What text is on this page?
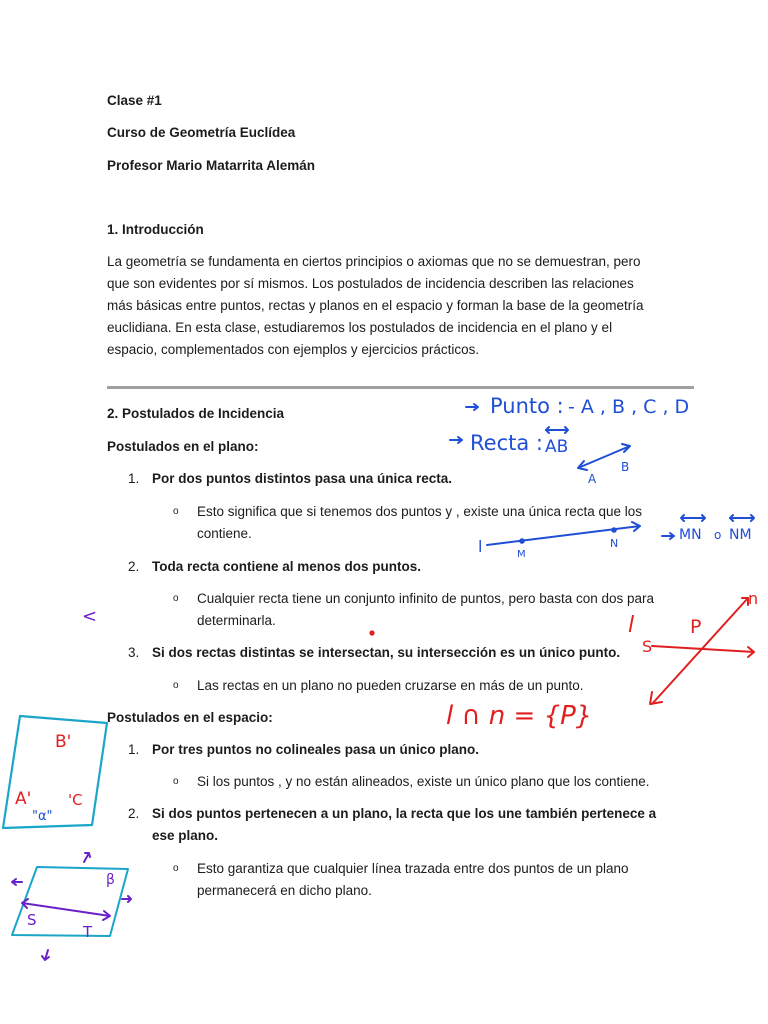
Clase #1

Curso de Geometría Euclídea

Profesor Mario Matarrita Alemán

1. Introducción

La geometría se fundamenta en ciertos principios o axiomas que no se demuestran, pero

que son evidentes por sí mismos. Los postulados de incidencia describen las relaciones

más básicas entre puntos, rectas y planos en el espacio y forman la base de la geometría

euclidiana. En esta clase, estudiaremos los postulados de incidencia en el plano y el

espacio, complementados con ejemplos y ejercicios prácticos.

2. Postulados de Incidencia

Postulados en el plano:

1. Por dos puntos distintos pasa una única recta.
o Esto significa que si tenemos dos puntos y , existe una única recta que los
contiene.
2. Toda recta contiene al menos dos puntos.
o Cualquier recta tiene un conjunto infinito de puntos, pero basta con dos para
determinarla.
3. Si dos rectas distintas se intersectan, su intersección es un único punto.
o Las rectas en un plano no pueden cruzarse en más de un punto.

Postulados en el espacio:

1. Por tres puntos no colineales pasa un único plano.
o Si los puntos , y no están alineados, existe un único plano que los contiene.
2. Si dos puntos pertenecen a un plano, la recta que los une también pertenece a
ese plano.
o Esto garantiza que cualquier línea trazada entre dos puntos de un plano
permanecerá en dicho plano.
Punto : - A , B , C , D
Recta : AB
A
B
l	M
N
MN o NM
n
l	P
S
l ∩ n = {P}
<
B'
A' 'C
"α"
β
S
T
